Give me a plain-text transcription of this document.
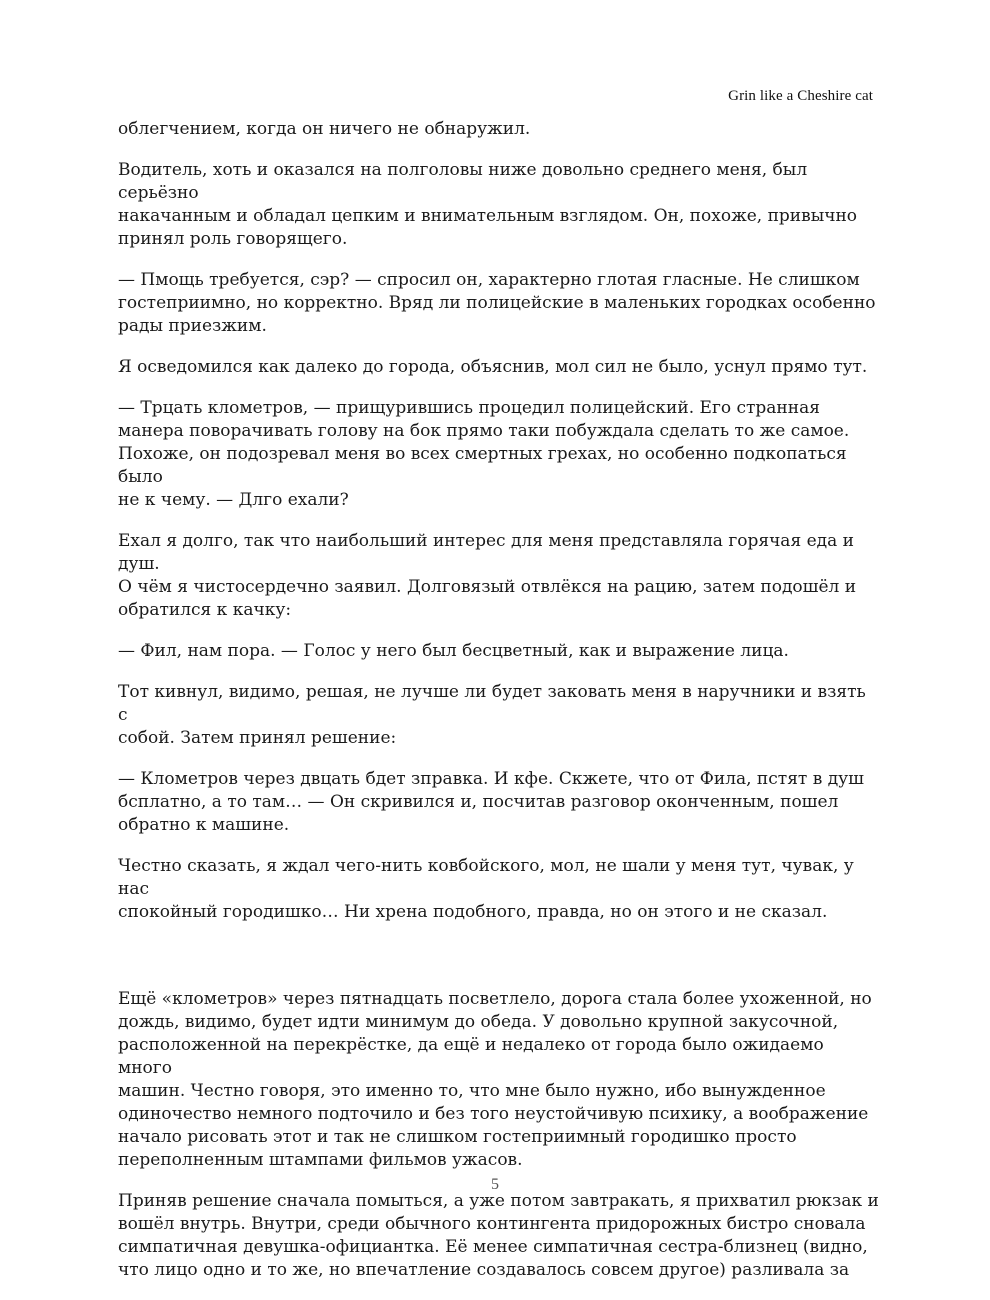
Grin like a Cheshire cat

облегчением, когда он ничего не обнаружил.

Водитель, хоть и оказался на полголовы ниже довольно среднего меня, был серьёзно
накачанным и обладал цепким и внимательным взглядом. Он, похоже, привычно
принял роль говорящего.

— Пмощь требуется, сэр? — спросил он, характерно глотая гласные. Не слишком
гостеприимно, но корректно. Вряд ли полицейские в маленьких городках особенно
рады приезжим.

Я осведомился как далеко до города, объяснив, мол сил не было, уснул прямо тут.

— Трцать клометров, — прищурившись процедил полицейский. Его странная
манера поворачивать голову на бок прямо таки побуждала сделать то же самое.
Похоже, он подозревал меня во всех смертных грехах, но особенно подкопаться было
не к чему. — Длго ехали?

Ехал я долго, так что наибольший интерес для меня представляла горячая еда и душ.
О чём я чистосердечно заявил. Долговязый отвлёкся на рацию, затем подошёл и
обратился к качку:

— Фил, нам пора. — Голос у него был бесцветный, как и выражение лица.

Тот кивнул, видимо, решая, не лучше ли будет заковать меня в наручники и взять с
собой. Затем принял решение:

— Клометров через двцать бдет зправка. И кфе. Скжете, что от Фила, пстят в душ
бсплатно, а то там… — Он скривился и, посчитав разговор оконченным, пошел
обратно к машине.

Честно сказать, я ждал чего-нить ковбойского, мол, не шали у меня тут, чувак, у нас
спокойный городишко… Ни хрена подобного, правда, но он этого и не сказал.

Ещё «клометров» через пятнадцать посветлело, дорога стала более ухоженной, но
дождь, видимо, будет идти минимум до обеда. У довольно крупной закусочной,
расположенной на перекрёстке, да ещё и недалеко от города было ожидаемо много
машин. Честно говоря, это именно то, что мне было нужно, ибо вынужденное
одиночество немного подточило и без того неустойчивую психику, а воображение
начало рисовать этот и так не слишком гостеприимный городишко просто
переполненным штампами фильмов ужасов.

Приняв решение сначала помыться, а уже потом завтракать, я прихватил рюкзак и
вошёл внутрь. Внутри, среди обычного контингента придорожных бистро сновала
симпатичная девушка-официантка. Её менее симпатичная сестра-близнец (видно,
что лицо одно и то же, но впечатление создавалось совсем другое) разливала за

5
